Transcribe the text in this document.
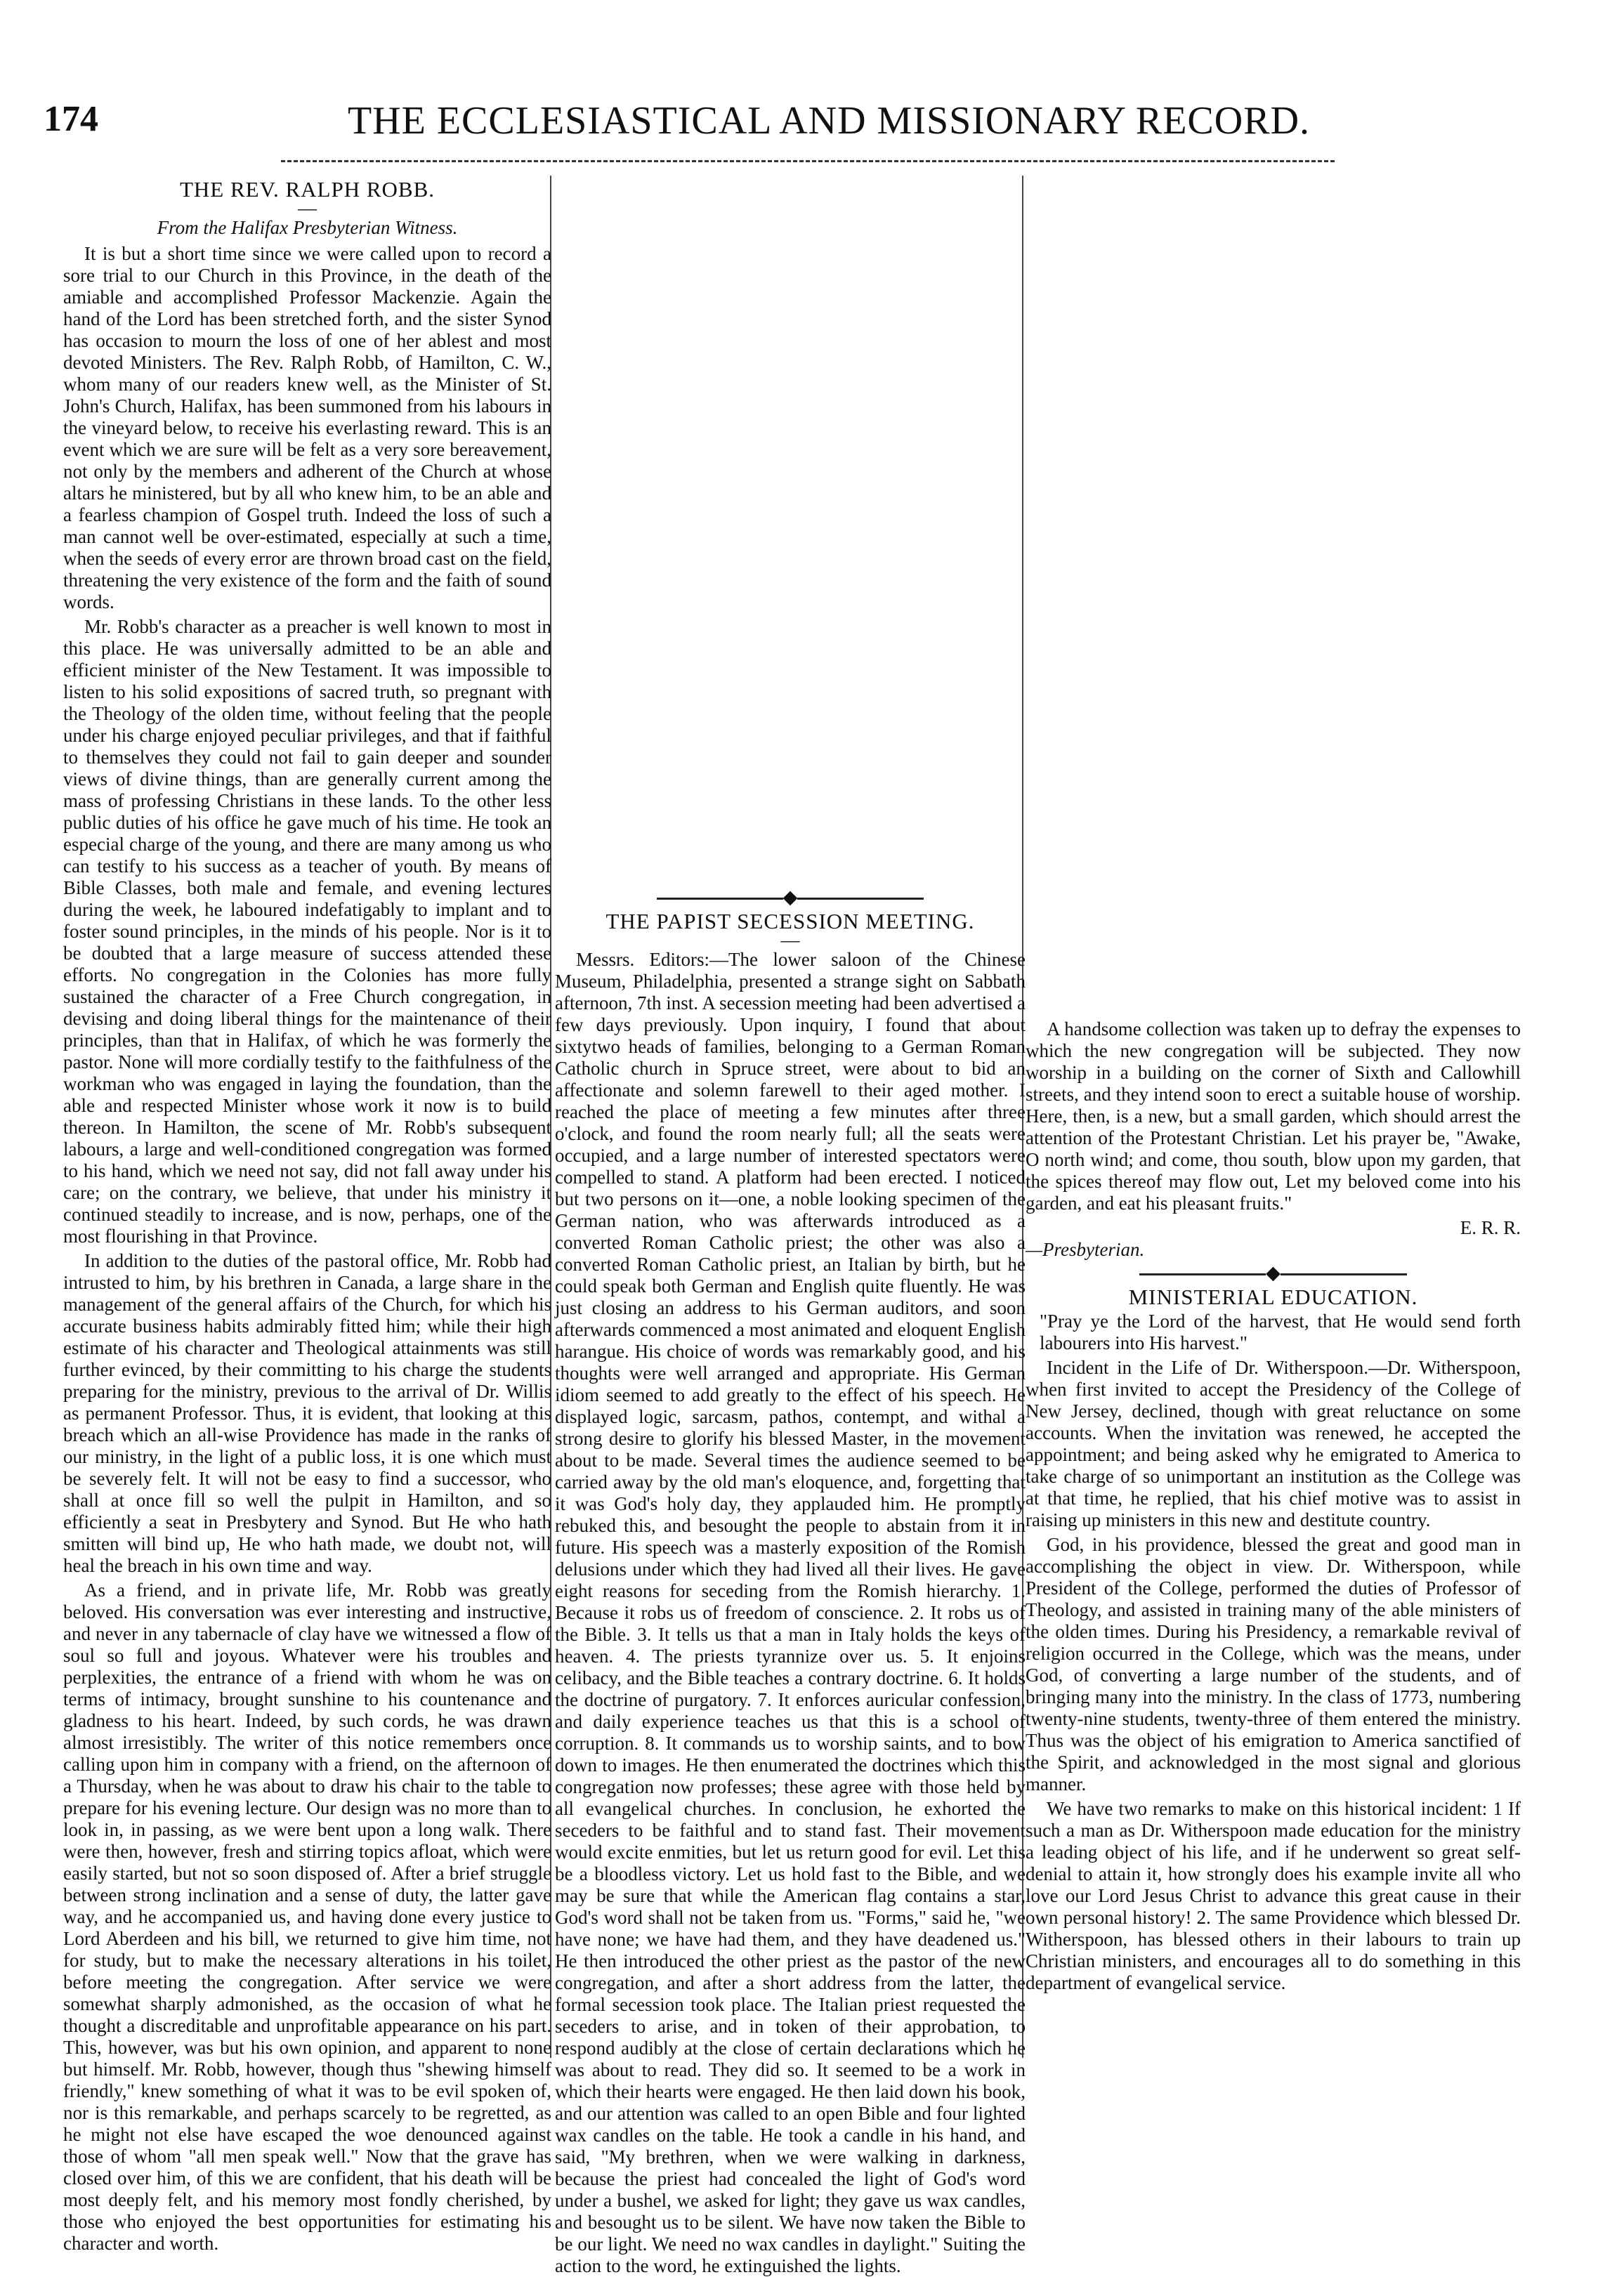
174	THE ECCLESIASTICAL AND MISSIONARY RECORD.
THE REV. RALPH ROBB.
—
From the Halifax Presbyterian Witness.

It is but a short time since we were called upon to record a sore trial to our Church in this Province, in the death of the amiable and accomplished Professor Mackenzie. Again the hand of the Lord has been stretched forth, and the sister Synod has occasion to mourn the loss of one of her ablest and most devoted Ministers. The Rev. Ralph Robb, of Hamilton, C. W., whom many of our readers knew well, as the Minister of St. John's Church, Halifax, has been summoned from his labours in the vineyard below, to receive his everlasting reward. This is an event which we are sure will be felt as a very sore bereavement, not only by the members and adherent of the Church at whose altars he ministered, but by all who knew him, to be an able and a fearless champion of Gospel truth. Indeed the loss of such a man cannot well be over-estimated, especially at such a time, when the seeds of every error are thrown broad cast on the field, threatening the very existence of the form and the faith of sound words.

Mr. Robb's character as a preacher is well known to most in this place. He was universally admitted to be an able and efficient minister of the New Testament. It was impossible to listen to his solid expositions of sacred truth, so pregnant with the Theology of the olden time, without feeling that the people under his charge enjoyed peculiar privileges, and that if faithful to themselves they could not fail to gain deeper and sounder views of divine things, than are generally current among the mass of professing Christians in these lands. To the other less public duties of his office he gave much of his time. He took an especial charge of the young, and there are many among us who can testify to his success as a teacher of youth. By means of Bible Classes, both male and female, and evening lectures during the week, he laboured indefatigably to implant and to foster sound principles, in the minds of his people. Nor is it to be doubted that a large measure of success attended these efforts. No congregation in the Colonies has more fully sustained the character of a Free Church congregation, in devising and doing liberal things for the maintenance of their principles, than that in Halifax, of which he was formerly the pastor. None will more cordially testify to the faithfulness of the workman who was engaged in laying the foundation, than the able and respected Minister whose work it now is to build thereon. In Hamilton, the scene of Mr. Robb's subsequent labours, a large and well-conditioned congregation was formed to his hand, which we need not say, did not fall away under his care; on the contrary, we believe, that under his ministry it continued steadily to increase, and is now, perhaps, one of the most flourishing in that Province.

In addition to the duties of the pastoral office, Mr. Robb had intrusted to him, by his brethren in Canada, a large share in the management of the general affairs of the Church, for which his accurate business habits admirably fitted him; while their high estimate of his character and Theological attainments was still further evinced, by their committing to his charge the students preparing for the ministry, previous to the arrival of Dr. Willis as permanent Professor. Thus, it is evident, that looking at this breach which an all-wise Providence has made in the ranks of our ministry, in the light of a public loss, it is one which must be severely felt. It will not be easy to find a successor, who shall at once fill so well the pulpit in Hamilton, and so efficiently a seat in Presbytery and Synod. But He who hath smitten will bind up, He who hath made, we doubt not, will heal the breach in his own time and way.

As a friend, and in private life, Mr. Robb was greatly beloved. His conversation was ever interesting and instructive, and never in any tabernacle of clay have we witnessed a flow of soul so full and joyous. Whatever were his troubles and perplexities, the entrance of a friend with whom he was on terms of intimacy, brought sunshine to his countenance and gladness to his heart. Indeed, by such cords, he was drawn almost irresistibly. The writer of this notice remembers once calling upon him in company with a friend, on the afternoon of a Thursday, when he was about to draw his chair to the table to prepare for his evening lecture. Our design was no more than to look in, in passing, as we were bent upon a long walk. There were then, however, fresh and stirring topics afloat, which were easily started, but not so soon disposed of. After a brief struggle between strong inclination and a sense of duty, the latter gave way, and he accompanied us, and having done every justice to Lord Aberdeen and his bill, we returned to give him time, not for study, but to make the necessary alterations in his toilet, before meeting the congregation. After service we were somewhat sharply admonished, as the occasion of what he thought a discreditable and unprofitable appearance on his part. This, however, was but his own opinion, and apparent to none but himself. Mr. Robb, however, though thus "shewing himself friendly," knew something of what it was to be evil spoken of, nor is this remarkable, and perhaps scarcely to be regretted, as he might not else have escaped the woe denounced against those of whom "all men speak well." Now that the grave has closed over him, of this we are confident, that his death will be most deeply felt, and his memory most fondly cherished, by those who enjoyed the best opportunities for estimating his character and worth.

◆
THE PAPIST SECESSION MEETING.
—

Messrs. Editors:—The lower saloon of the Chinese Museum, Philadelphia, presented a strange sight on Sabbath afternoon, 7th inst. A secession meeting had been advertised a few days previously. Upon inquiry, I found that about sixtytwo heads of families, belonging to a German Roman Catholic church in Spruce street, were about to bid an affectionate and solemn farewell to their aged mother. I reached the place of meeting a few minutes after three o'clock, and found the room nearly full; all the seats were occupied, and a large number of interested spectators were compelled to stand. A platform had been erected. I noticed but two persons on it—one, a noble looking specimen of the German nation, who was afterwards introduced as a converted Roman Catholic priest; the other was also a converted Roman Catholic priest, an Italian by birth, but he could speak both German and English quite fluently. He was just closing an address to his German auditors, and soon afterwards commenced a most animated and eloquent English harangue. His choice of words was remarkably good, and his thoughts were well arranged and appropriate. His German idiom seemed to add greatly to the effect of his speech. He displayed logic, sarcasm, pathos, contempt, and withal a strong desire to glorify his blessed Master, in the movement about to be made. Several times the audience seemed to be carried away by the old man's eloquence, and, forgetting that it was God's holy day, they applauded him. He promptly rebuked this, and besought the people to abstain from it in future. His speech was a masterly exposition of the Romish delusions under which they had lived all their lives. He gave eight reasons for seceding from the Romish hierarchy. 1. Because it robs us of freedom of conscience. 2. It robs us of the Bible. 3. It tells us that a man in Italy holds the keys of heaven. 4. The priests tyrannize over us. 5. It enjoins celibacy, and the Bible teaches a contrary doctrine. 6. It holds the doctrine of purgatory. 7. It enforces auricular confession, and daily experience teaches us that this is a school of corruption. 8. It commands us to worship saints, and to bow down to images. He then enumerated the doctrines which this congregation now professes; these agree with those held by all evangelical churches. In conclusion, he exhorted the seceders to be faithful and to stand fast. Their movement would excite enmities, but let us return good for evil. Let this be a bloodless victory. Let us hold fast to the Bible, and we may be sure that while the American flag contains a star, God's word shall not be taken from us. "Forms," said he, "we have none; we have had them, and they have deadened us." He then introduced the other priest as the pastor of the new congregation, and after a short address from the latter, the formal secession took place. The Italian priest requested the seceders to arise, and in token of their approbation, to respond audibly at the close of certain declarations which he was about to read. They did so. It seemed to be a work in which their hearts were engaged. He then laid down his book, and our attention was called to an open Bible and four lighted wax candles on the table. He took a candle in his hand, and said, "My brethren, when we were walking in darkness, because the priest had concealed the light of God's word under a bushel, we asked for light; they gave us wax candles, and besought us to be silent. We have now taken the Bible to be our light. We need no wax candles in daylight." Suiting the action to the word, he extinguished the lights.

A handsome collection was taken up to defray the expenses to which the new congregation will be subjected. They now worship in a building on the corner of Sixth and Callowhill streets, and they intend soon to erect a suitable house of worship. Here, then, is a new, but a small garden, which should arrest the attention of the Protestant Christian. Let his prayer be, "Awake, O north wind; and come, thou south, blow upon my garden, that the spices thereof may flow out, Let my beloved come into his garden, and eat his pleasant fruits."

E. R. R.

—Presbyterian.

◆
MINISTERIAL EDUCATION.

"Pray ye the Lord of the harvest, that He would send forth labourers into His harvest."

Incident in the Life of Dr. Witherspoon.—Dr. Witherspoon, when first invited to accept the Presidency of the College of New Jersey, declined, though with great reluctance on some accounts. When the invitation was renewed, he accepted the appointment; and being asked why he emigrated to America to take charge of so unimportant an institution as the College was at that time, he replied, that his chief motive was to assist in raising up ministers in this new and destitute country.

God, in his providence, blessed the great and good man in accomplishing the object in view. Dr. Witherspoon, while President of the College, performed the duties of Professor of Theology, and assisted in training many of the able ministers of the olden times. During his Presidency, a remarkable revival of religion occurred in the College, which was the means, under God, of converting a large number of the students, and of bringing many into the ministry. In the class of 1773, numbering twenty-nine students, twenty-three of them entered the ministry. Thus was the object of his emigration to America sanctified of the Spirit, and acknowledged in the most signal and glorious manner.

We have two remarks to make on this historical incident: 1 If such a man as Dr. Witherspoon made education for the ministry a leading object of his life, and if he underwent so great self-denial to attain it, how strongly does his example invite all who love our Lord Jesus Christ to advance this great cause in their own personal history! 2. The same Providence which blessed Dr. Witherspoon, has blessed others in their labours to train up Christian ministers, and encourages all to do something in this department of evangelical service.
